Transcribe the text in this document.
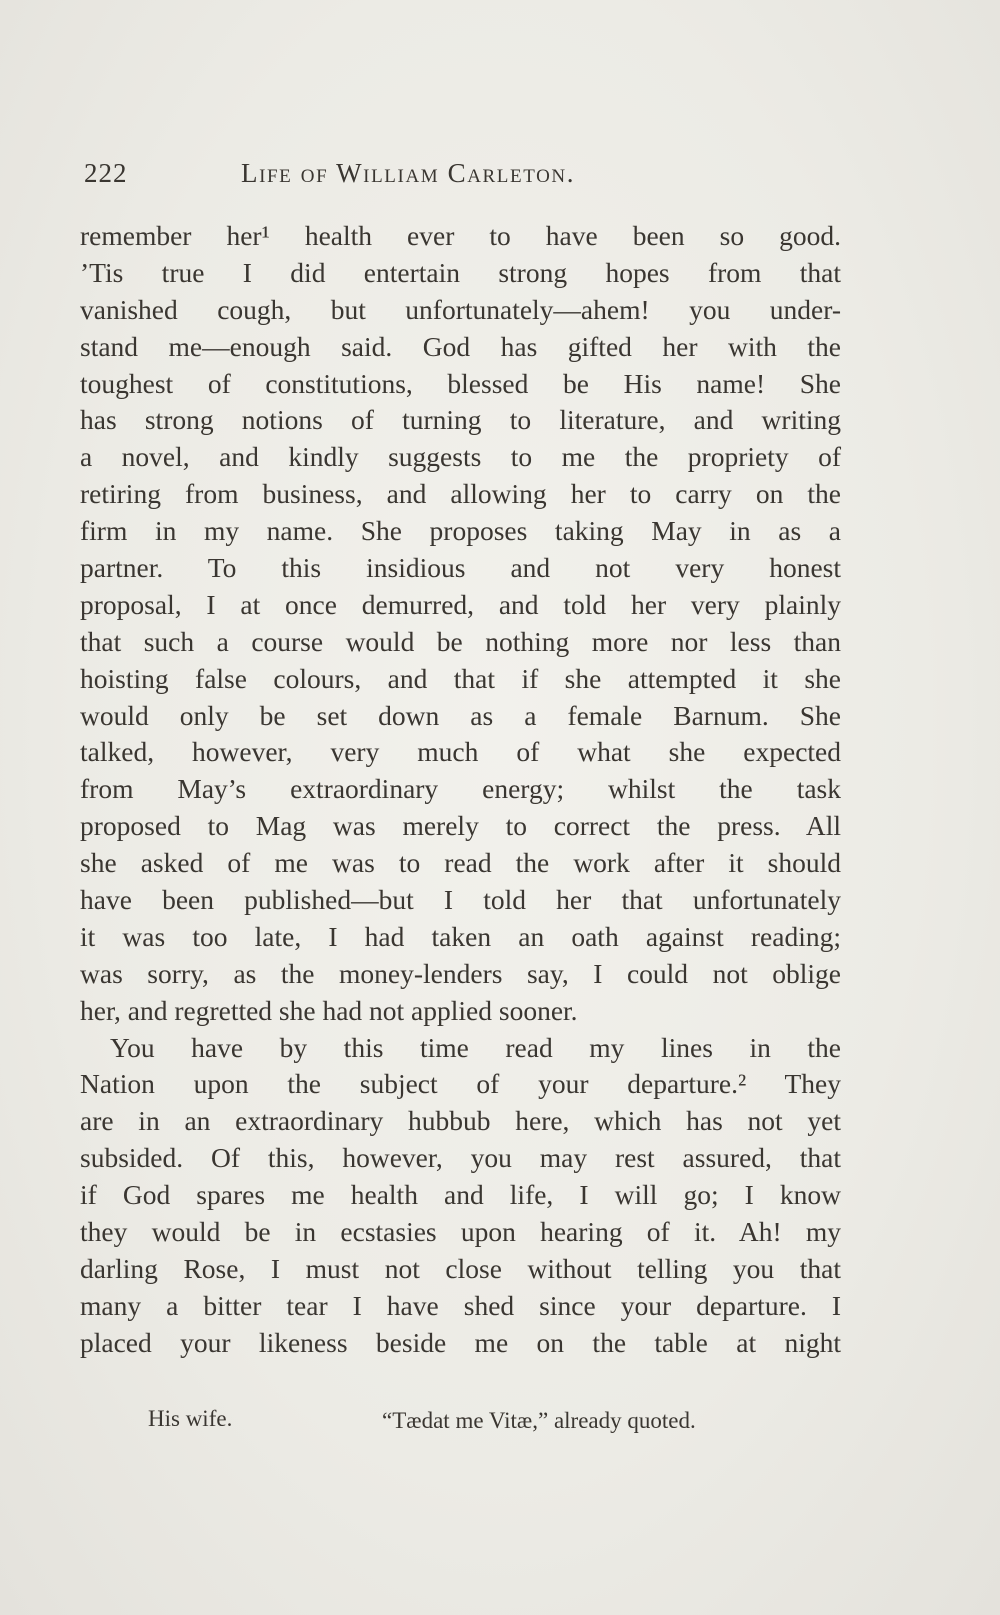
222	Life of William Carleton.
remember her¹ health ever to have been so good.
’Tis true I did entertain strong hopes from that
vanished cough, but unfortunately—ahem! you under-
stand me—enough said. God has gifted her with the
toughest of constitutions, blessed be His name! She
has strong notions of turning to literature, and writing
a novel, and kindly suggests to me the propriety of
retiring from business, and allowing her to carry on the
firm in my name. She proposes taking May in as a
partner. To this insidious and not very honest
proposal, I at once demurred, and told her very plainly
that such a course would be nothing more nor less than
hoisting false colours, and that if she attempted it she
would only be set down as a female Barnum. She
talked, however, very much of what she expected
from May’s extraordinary energy; whilst the task
proposed to Mag was merely to correct the press. All
she asked of me was to read the work after it should
have been published—but I told her that unfortunately
it was too late, I had taken an oath against reading;
was sorry, as the money-lenders say, I could not oblige
her, and regretted she had not applied sooner.
You have by this time read my lines in the
Nation upon the subject of your departure.² They
are in an extraordinary hubbub here, which has not yet
subsided. Of this, however, you may rest assured, that
if God spares me health and life, I will go; I know
they would be in ecstasies upon hearing of it. Ah! my
darling Rose, I must not close without telling you that
many a bitter tear I have shed since your departure. I
placed your likeness beside me on the table at night
His wife.	“Tædat me Vitæ,” already quoted.
